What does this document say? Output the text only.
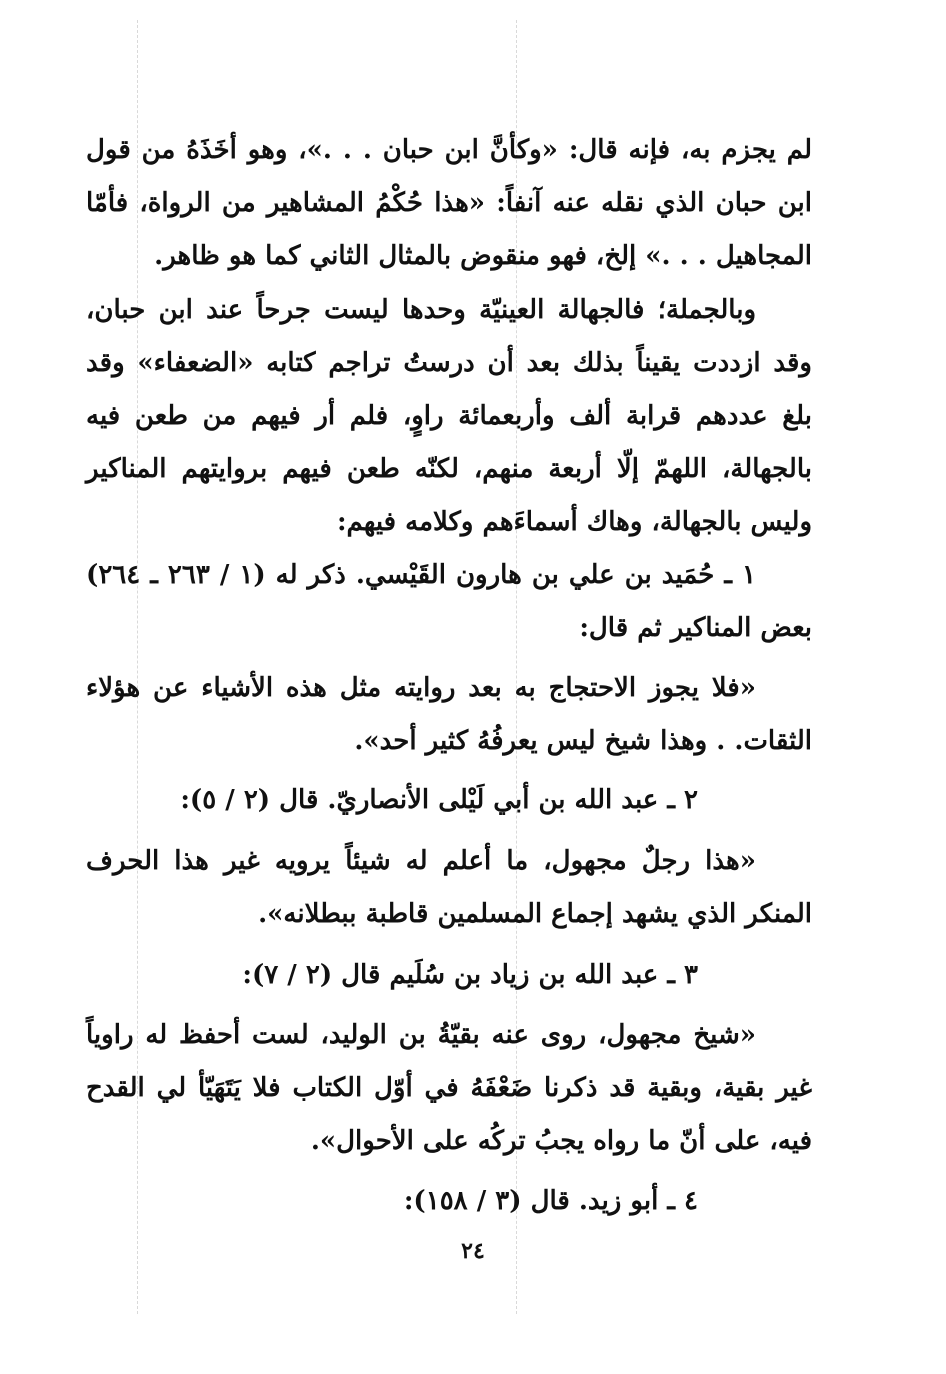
لم يجزم به، فإنه قال: «وكأنَّ ابن حبان . . .»، وهو أخَذَهُ من قول ابن حبان الذي نقله عنه آنفاً: «هذا حُكْمُ المشاهير من الرواة، فأمّا المجاهيل . . .» إلخ، فهو منقوض بالمثال الثاني كما هو ظاهر.

وبالجملة؛ فالجهالة العينيّة وحدها ليست جرحاً عند ابن حبان، وقد ازددت يقيناً بذلك بعد أن درستُ تراجم كتابه «الضعفاء» وقد بلغ عددهم قرابة ألف وأربعمائة راوٍ، فلم أر فيهم من طعن فيه بالجهالة، اللهمّ إلّا أربعة منهم، لكنّه طعن فيهم بروايتهم المناكير وليس بالجهالة، وهاك أسماءَهم وكلامه فيهم:

١ ـ حُمَيد بن علي بن هارون القَيْسي. ذكر له (١ / ٢٦٣ ـ ٢٦٤) بعض المناكير ثم قال:

«فلا يجوز الاحتجاج به بعد روايته مثل هذه الأشياء عن هؤلاء الثقات. . وهذا شيخ ليس يعرفُهُ كثير أحد».

٢ ـ عبد الله بن أبي لَيْلى الأنصاريّ. قال (٢ / ٥):

«هذا رجلٌ مجهول، ما أعلم له شيئاً يرويه غير هذا الحرف المنكر الذي يشهد إجماع المسلمين قاطبة ببطلانه».

٣ ـ عبد الله بن زياد بن سُلَيم قال (٢ / ٧):

«شيخ مجهول، روى عنه بقيّةُ بن الوليد، لست أحفظ له راوياً غير بقية، وبقية قد ذكرنا ضَعْفَهُ في أوّل الكتاب فلا يَتَهَيّأ لي القدح فيه، على أنّ ما رواه يجبُ تركُه على الأحوال».

٤ ـ أبو زيد. قال (٣ / ١٥٨):

٢٤
